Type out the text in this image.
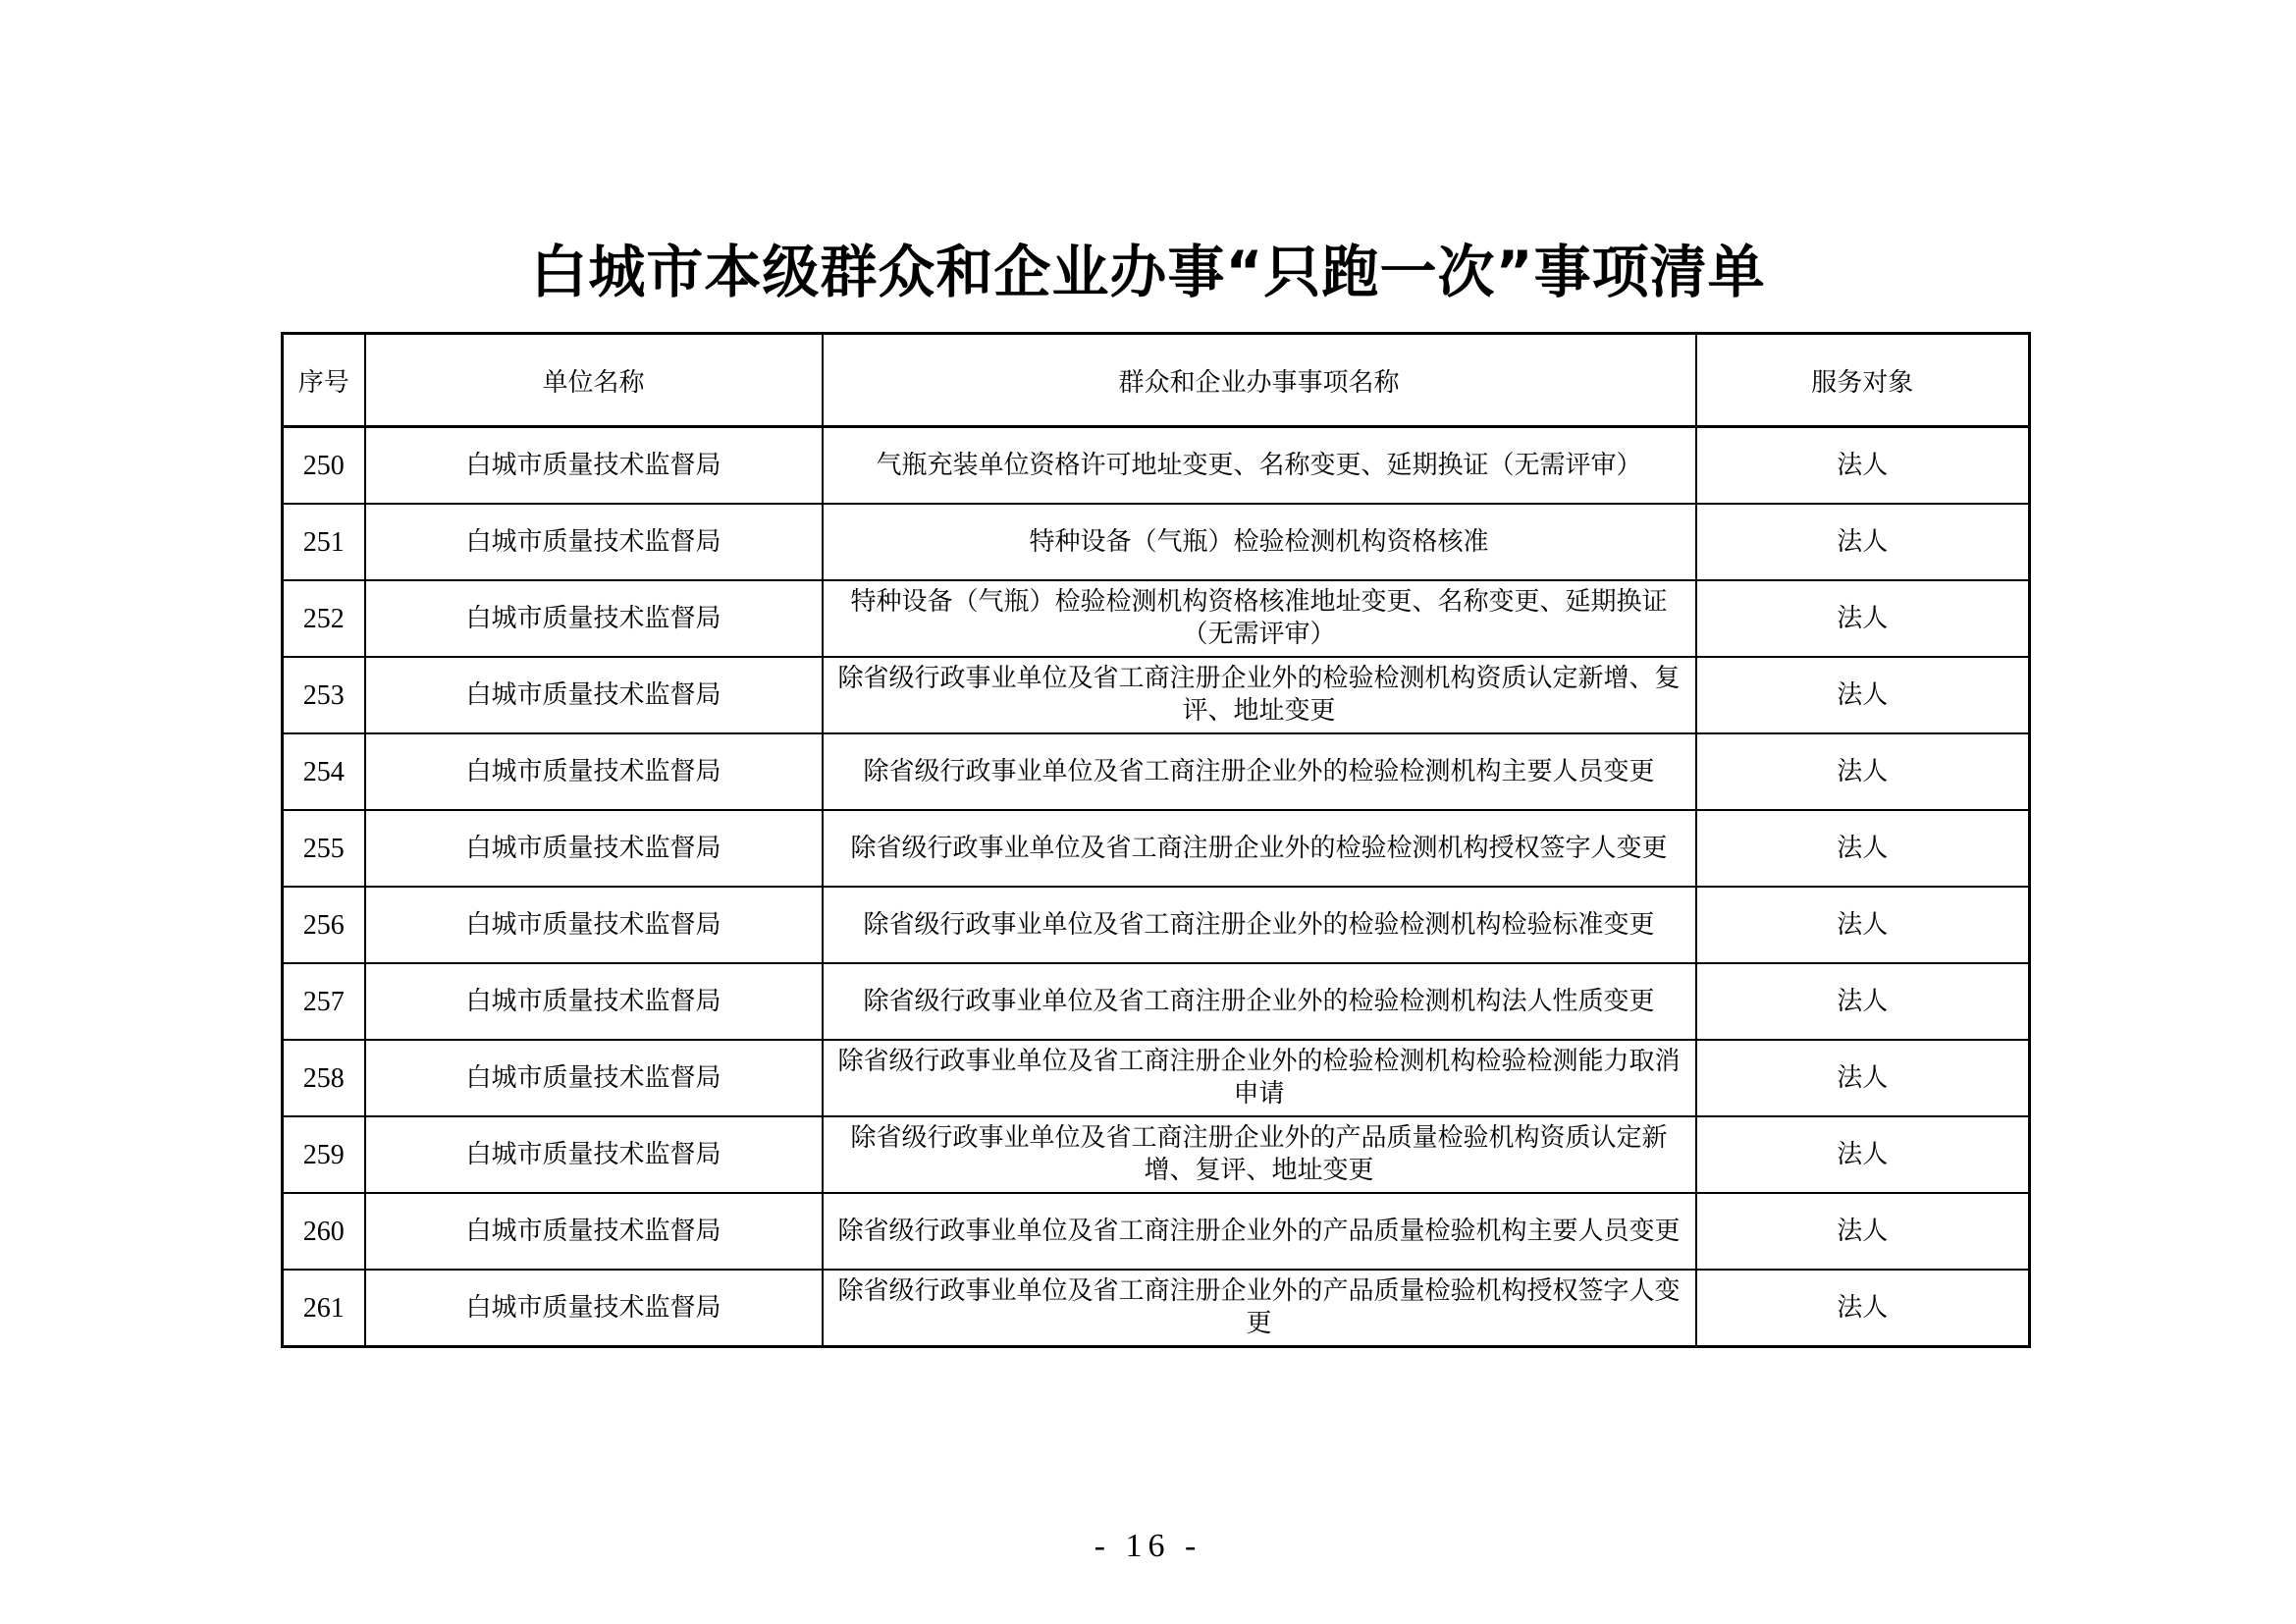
白城市本级群众和企业办事“只跑一次”事项清单
序号	单位名称	群众和企业办事事项名称	服务对象
250	白城市质量技术监督局	气瓶充装单位资格许可地址变更、名称变更、延期换证（无需评审）	法人
251	白城市质量技术监督局	特种设备（气瓶）检验检测机构资格核准	法人
252	白城市质量技术监督局	特种设备（气瓶）检验检测机构资格核准地址变更、名称变更、延期换证（无需评审）	法人
253	白城市质量技术监督局	除省级行政事业单位及省工商注册企业外的检验检测机构资质认定新增、复评、地址变更	法人
254	白城市质量技术监督局	除省级行政事业单位及省工商注册企业外的检验检测机构主要人员变更	法人
255	白城市质量技术监督局	除省级行政事业单位及省工商注册企业外的检验检测机构授权签字人变更	法人
256	白城市质量技术监督局	除省级行政事业单位及省工商注册企业外的检验检测机构检验标准变更	法人
257	白城市质量技术监督局	除省级行政事业单位及省工商注册企业外的检验检测机构法人性质变更	法人
258	白城市质量技术监督局	除省级行政事业单位及省工商注册企业外的检验检测机构检验检测能力取消申请	法人
259	白城市质量技术监督局	除省级行政事业单位及省工商注册企业外的产品质量检验机构资质认定新增、复评、地址变更	法人
260	白城市质量技术监督局	除省级行政事业单位及省工商注册企业外的产品质量检验机构主要人员变更	法人
261	白城市质量技术监督局	除省级行政事业单位及省工商注册企业外的产品质量检验机构授权签字人变更	法人
- 16 -
